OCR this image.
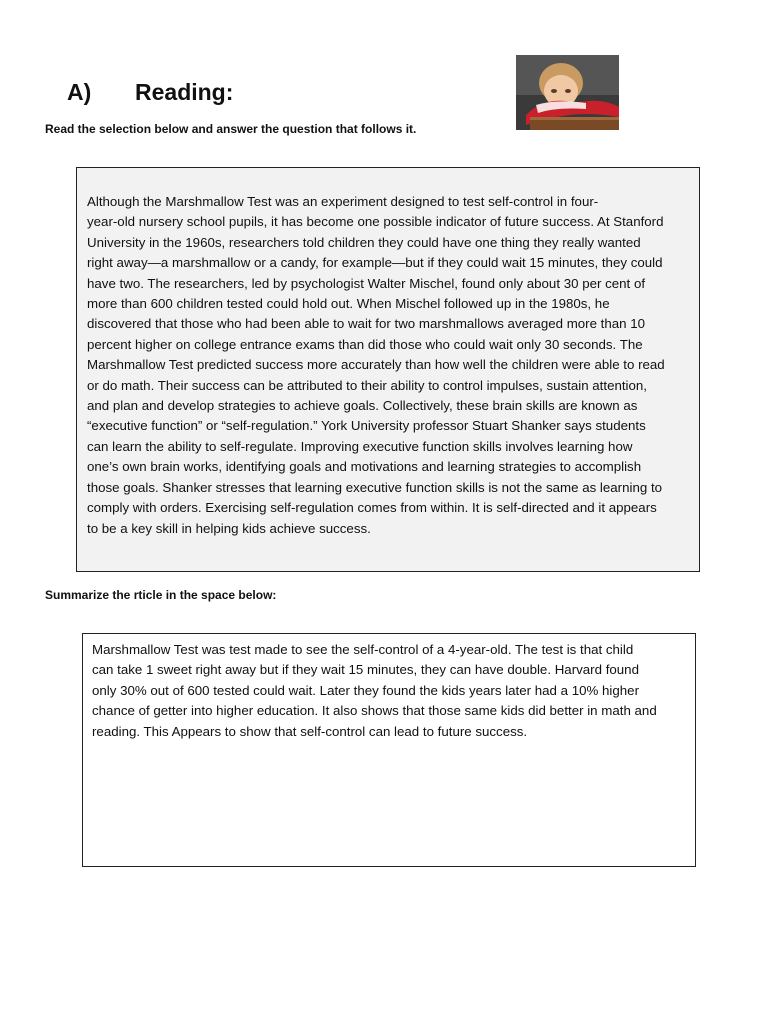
A) Reading:
Read the selection below and answer the question that follows it.

Although the Marshmallow Test was an experiment designed to test self-control in four-
year-old nursery school pupils, it has become one possible indicator of future success. At Stanford
University in the 1960s, researchers told children they could have one thing they really wanted
right away—a marshmallow or a candy, for example—but if they could wait 15 minutes, they could
have two. The researchers, led by psychologist Walter Mischel, found only about 30 per cent of
more than 600 children tested could hold out. When Mischel followed up in the 1980s, he
discovered that those who had been able to wait for two marshmallows averaged more than 10
percent higher on college entrance exams than did those who could wait only 30 seconds. The
Marshmallow Test predicted success more accurately than how well the children were able to read
or do math. Their success can be attributed to their ability to control impulses, sustain attention,
and plan and develop strategies to achieve goals. Collectively, these brain skills are known as
“executive function” or “self-regulation.” York University professor Stuart Shanker says students
can learn the ability to self-regulate. Improving executive function skills involves learning how
one’s own brain works, identifying goals and motivations and learning strategies to accomplish
those goals. Shanker stresses that learning executive function skills is not the same as learning to
comply with orders. Exercising self-regulation comes from within. It is self-directed and it appears
to be a key skill in helping kids achieve success.

Summarize the rticle in the space below:

Marshmallow Test was test made to see the self-control of a 4-year-old. The test is that child
can take 1 sweet right away but if they wait 15 minutes, they can have double. Harvard found
only 30% out of 600 tested could wait. Later they found the kids years later had a 10% higher
chance of getter into higher education. It also shows that those same kids did better in math and
reading. This Appears to show that self-control can lead to future success.
